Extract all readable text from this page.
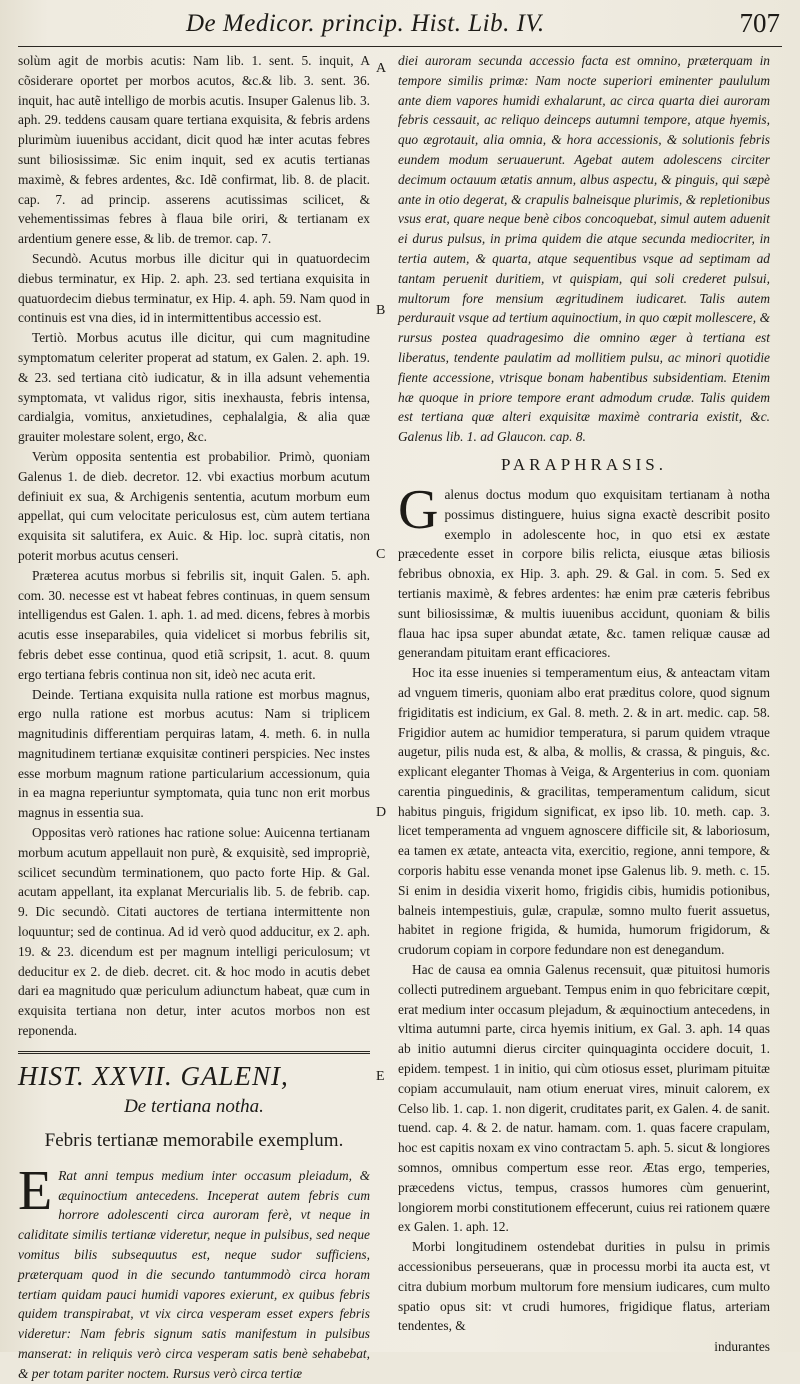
De Medicor. princip. Hist. Lib. IV.	707

solùm agit de morbis acutis: Nam lib. 1. sent. 5. inquit, A cõsiderare oportet per morbos acutos, &c.& lib. 3. sent. 36. inquit, hac autẽ intelligo de morbis acutis. Insuper Galenus lib. 3. aph. 29. teddens causam quare tertiana exquisita, & febris ardens plurimùm iuuenibus accidant, dicit quod hæ inter acutas febres sunt biliosissimæ. Sic enim inquit, sed ex acutis tertianas maximè, & febres ardentes, &c. Idẽ confirmat, lib. 8. de placit. cap. 7. ad princip. asserens acutissimas scilicet, & vehementissimas febres à flaua bile oriri, & tertianam ex ardentium genere esse, & lib. de tremor. cap. 7.

Secundò. Acutus morbus ille dicitur qui in quatuordecim diebus terminatur, ex Hip. 2. aph. 23. sed tertiana exquisita in quatuordecim diebus terminatur, ex Hip. 4. aph. 59. Nam quod in continuis est vna dies, id in intermittentibus accessio est.

Tertiò. Morbus acutus ille dicitur, qui cum magnitudine symptomatum celeriter properat ad statum, ex Galen. 2. aph. 19. & 23. sed tertiana citò iudicatur, & in illa adsunt vehementia symptomata, vt validus rigor, sitis inexhausta, febris intensa, cardialgia, vomitus, anxietudines, cephalalgia, & alia quæ grauiter molestare solent, ergo, &c.

Verùm opposita sententia est probabilior. Primò, quoniam Galenus 1. de dieb. decretor. 12. vbi exactius morbum acutum definiuit ex sua, & Archigenis sententia, acutum morbum eum appellat, qui cum velocitate periculosus est, cùm autem tertiana exquisita sit salutifera, ex Auic. & Hip. loc. suprà citatis, non poterit morbus acutus censeri.

Præterea acutus morbus si febrilis sit, inquit Galen. 5. aph. com. 30. necesse est vt habeat febres continuas, in quem sensum intelligendus est Galen. 1. aph. 1. ad med. dicens, febres à morbis acutis esse inseparabiles, quia videlicet si morbus febrilis sit, febris debet esse continua, quod etiã scripsit, 1. acut. 8. quum ergo tertiana febris continua non sit, ideò nec acuta erit.

Deinde. Tertiana exquisita nulla ratione est morbus magnus, ergo nulla ratione est morbus acutus: Nam si triplicem magnitudinis differentiam perquiras latam, 4. meth. 6. in nulla magnitudinem tertianæ exquisitæ contineri perspicies. Nec instes esse morbum magnum ratione particularium accessionum, quia in ea magna reperiuntur symptomata, quia tunc non erit morbus magnus in essentia sua.

Oppositas verò rationes hac ratione solue: Auicenna tertianam morbum acutum appellauit non purè, & exquisitè, sed impropriè, scilicet secundùm terminationem, quo pacto forte Hip. & Gal. acutam appellant, ita explanat Mercurialis lib. 5. de febrib. cap. 9. Dic secundò. Citati auctores de tertiana intermittente non loquuntur; sed de continua. Ad id verò quod adducitur, ex 2. aph. 19. & 23. dicendum est per magnum intelligi periculosum; vt deducitur ex 2. de dieb. decret. cit. & hoc modo in acutis debet dari ea magnitudo quæ periculum adiunctum habeat, quæ cum in exquisita tertiana non detur, inter acutos morbos non est reponenda.

HIST. XXVII. GALENI,
De tertiana notha.
Febris tertianæ memorabile exemplum.
E Rat anni tempus medium inter occasum pleiadum, & æquinoctium antecedens. Inceperat autem febris cum horrore adolescenti circa auroram ferè, vt neque in caliditate similis tertianæ videretur, neque in pulsibus, sed neque vomitus bilis subsequutus est, neque sudor sufficiens, præterquam quod in die secundo tantummodò circa horam tertiam quidam pauci humidi vapores exierunt, ex quibus febris quidem transpirabat, vt vix circa vesperam esset expers febris videretur: Nam febris signum satis manifestum in pulsibus manserat: in reliquis verò circa vesperam satis benè sehabebat, & per totam pariter noctem. Rursus verò circa tertiæ

diei auroram secunda accessio facta est omnino, præterquam in tempore similis primæ: Nam nocte superiori eminenter paululum ante diem vapores humidi exhalarunt, ac circa quarta diei auroram febris cessauit, ac reliquo deinceps autumni tempore, atque hyemis, quo ægrotauit, alia omnia, & hora accessionis, & solutionis febris eundem modum seruauerunt. Agebat autem adolescens circiter decimum octauum ætatis annum, albus aspectu, & pinguis, qui sæpè ante in otio degerat, & crapulis balneisque plurimis, & repletionibus vsus erat, quare neque benè cibos concoquebat, simul autem aduenit ei durus pulsus, in prima quidem die atque secunda mediocriter, in tertia autem, & quarta, atque sequentibus vsque ad septimam ad tantam peruenit duritiem, vt quispiam, qui soli crederet pulsui, multorum fore mensium ægritudinem iudicaret. Talis autem perdurauit vsque ad tertium aquinoctium, in quo cœpit mollescere, & rursus postea quadragesimo die omnino æger à tertiana est liberatus, tendente paulatim ad mollitiem pulsu, ac minori quotidie fiente accessione, vtrisque bonam habentibus subsidentiam. Etenim hæ quoque in priore tempore erant admodum crudæ. Talis quidem est tertiana quæ alteri exquisitæ maximè contraria existit, &c. Galenus lib. 1. ad Glaucon. cap. 8.

PARAPHRASIS.
G alenus doctus modum quo exquisitam tertianam à notha possimus distinguere, huius signa exactè describit posito exemplo in adolescente hoc, in quo etsi ex æstate præcedente esset in corpore bilis relicta, eiusque ætas biliosis febribus obnoxia, ex Hip. 3. aph. 29. & Gal. in com. 5. Sed ex tertianis maximè, & febres ardentes: hæ enim præ cæteris febribus sunt biliosissimæ, & multis iuuenibus accidunt, quoniam & bilis flaua hac ipsa super abundat ætate, &c. tamen reliquæ causæ ad generandam pituitam erant efficaciores.

Hoc ita esse inuenies si temperamentum eius, & anteactam vitam ad vnguem timeris, quoniam albo erat præditus colore, quod signum frigiditatis est indicium, ex Gal. 8. meth. 2. & in art. medic. cap. 58. Frigidior autem ac humidior temperatura, si parum quidem vtraque augetur, pilis nuda est, & alba, & mollis, & crassa, & pinguis, &c. explicant eleganter Thomas à Veiga, & Argenterius in com. quoniam carentia pinguedinis, & gracilitas, temperamentum calidum, sicut habitus pinguis, frigidum significat, ex ipso lib. 10. meth. cap. 3. licet temperamenta ad vnguem agnoscere difficile sit, & laboriosum, ea tamen ex ætate, anteacta vita, exercitio, regione, anni tempore, & corporis habitu esse venanda monet ipse Galenus lib. 9. meth. c. 15. Si enim in desidia vixerit homo, frigidis cibis, humidis potionibus, balneis intempestiuis, gulæ, crapulæ, somno multo fuerit assuetus, habitet in regione frigida, & humida, humorum frigidorum, & crudorum copiam in corpore fedundare non est denegandum.

Hac de causa ea omnia Galenus recensuit, quæ pituitosi humoris collecti putredinem arguebant. Tempus enim in quo febricitare cœpit, erat medium inter occasum plejadum, & æquinoctium antecedens, in vltima autumni parte, circa hyemis initium, ex Gal. 3. aph. 14 quas ab initio autumni dierus circiter quinquaginta occidere docuit, 1. epidem. tempest. 1 in initio, qui cùm otiosus esset, plurimam pituitæ copiam accumulauit, nam otium eneruat vires, minuit calorem, ex Celso lib. 1. cap. 1. non digerit, cruditates parit, ex Galen. 4. de sanit. tuend. cap. 4. & 2. de natur. hamam. com. 1. quas facere crapulam, hoc est capitis noxam ex vino contractam 5. aph. 5. sicut & longiores somnos, omnibus compertum esse reor. Ætas ergo, temperies, præcedens victus, tempus, crassos humores cùm genuerint, longiorem morbi constitutionem effecerunt, cuius rei rationem quære ex Galen. 1. aph. 12.

Morbi longitudinem ostendebat durities in pulsu in primis accessionibus perseuerans, quæ in processu morbi ita aucta est, vt citra dubium morbum multorum fore mensium iudicares, cum multo spatio opus sit: vt crudi humores, frigidique flatus, arteriam tendentes, &

indurantes
A
B
C
D
E
